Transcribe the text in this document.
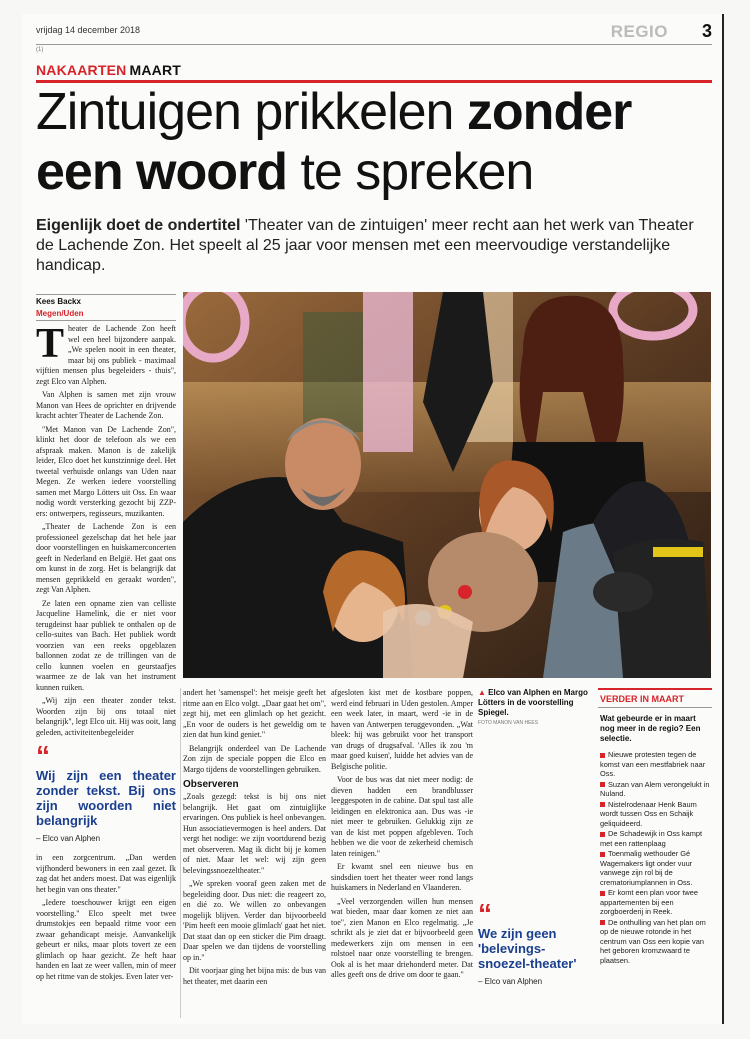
vrijdag 14 december 2018	REGIO 3
(1)
NAKAARTEN MAART
Zintuigen prikkelen zonder
een woord te spreken
Eigenlijk doet de ondertitel 'Theater van de zintuigen' meer recht aan het werk van Theater de Lachende Zon. Het speelt al 25 jaar voor mensen met een meervoudige verstandelijke handicap.
Kees Backx
Megen/Uden

Theater de Lachende Zon heeft wel een heel bijzondere aanpak. „We spelen nooit in een theater, maar bij ons publiek - maximaal vijftien mensen plus begeleiders - thuis", zegt Elco van Alphen.

Van Alphen is samen met zijn vrouw Manon van Hees de oprichter en drijvende kracht achter Theater de Lachende Zon.

"Met Manon van De Lachende Zon", klinkt het door de telefoon als we een afspraak maken. Manon is de zakelijk leider, Elco doet het kunstzinnige deel. Het tweetal verhuisde onlangs van Uden naar Megen. Ze werken iedere voorstelling samen met Margo Lötters uit Oss. En waar nodig wordt versterking gezocht bij ZZP-ers: ontwerpers, regisseurs, muzikanten.

„Theater de Lachende Zon is een professioneel gezelschap dat het hele jaar door voorstellingen en huiskamerconcerten geeft in Nederland en België. Het gaat ons om kunst in de zorg. Het is belangrijk dat mensen geprikkeld en geraakt worden", zegt Van Alphen.

Ze laten een opname zien van celliste Jacqueline Hamelink, die er niet voor terugdeinst haar publiek te onthalen op de cello-suites van Bach. Het publiek wordt voorzien van een reeks opgeblazen ballonnen zodat ze de trillingen van de cello kunnen voelen en geurstaafjes waarmee ze de lak van het instrument kunnen ruiken.

„Wij zijn een theater zonder tekst. Woorden zijn bij ons totaal niet belangrijk", legt Elco uit. Hij was ooit, lang geleden, activiteitenbegeleider

“
Wij zijn een theater zonder tekst. Bij ons zijn woorden niet belangrijk
– Elco van Alphen

in een zorgcentrum. „Dan werden vijfhonderd bewoners in een zaal gezet. Ik zag dat het anders moest. Dat was eigenlijk het begin van ons theater."

„Iedere toeschouwer krijgt een eigen voorstelling." Elco speelt met twee drumstokjes een bepaald ritme voor een zwaar gehandicapt meisje. Aanvankelijk gebeurt er niks, maar plots tovert ze een glimlach op haar gezicht. Ze heft haar handen en laat ze weer vallen, min of meer op het ritme van de stokjes. Even later ver-

andert het 'samenspel': het meisje geeft het ritme aan en Elco volgt. „Daar gaat het om", zegt hij, met een glimlach op het gezicht. „En voor de ouders is het geweldig om te zien dat hun kind geniet."

Belangrijk onderdeel van De Lachende Zon zijn de speciale poppen die Elco en Margo tijdens de voorstellingen gebruiken.

Observeren

„Zoals gezegd: tekst is bij ons niet belangrijk. Het gaat om zintuiglijke ervaringen. Ons publiek is heel onbevangen. Hun associatievermogen is heel anders. Dat vergt het nodige: we zijn voortdurend bezig met observeren. Mag ik dicht bij je komen of niet. Maar let wel: wij zijn geen belevingssnoezeltheater."

„We spreken vooraf geen zaken met de begeleiding door. Dus niet: die reageert zo, en dié zo. We willen zo onbevangen mogelijk blijven. Verder dan bijvoorbeeld 'Pim heeft een mooie glimlach' gaat het niet. Dat staat dan op een sticker die Pim draagt. Daar spelen we dan tijdens de voorstelling op in."

Dit voorjaar ging het bijna mis: de bus van het theater, met daarin een

afgesloten kist met de kostbare poppen, werd eind februari in Uden gestolen. Amper een week later, in maart, werd -ie in de haven van Antwerpen teruggevonden. „Wat bleek: hij was gebruikt voor het transport van drugs of drugsafval. 'Alles ik zou 'm maar goed kuisen', luidde het advies van de Belgische politie.

Voor de bus was dat niet meer nodig: de dieven hadden een brandblusser leeggespoten in de cabine. Dat spul tast alle leidingen en elektronica aan. Dus was -ie niet meer te gebruiken. Gelukkig zijn ze van de kist met poppen afgebleven. Toch hebben we die voor de zekerheid chemisch laten reinigen."

Er kwamt snel een nieuwe bus en sindsdien toert het theater weer rond langs huiskamers in Nederland en Vlaanderen.

„Veel verzorgenden willen hun mensen wat bieden, maar daar komen ze niet aan toe", zien Manon en Elco regelmatig. „Je schrikt als je ziet dat er bijvoorbeeld geen medewerkers zijn om mensen in een rolstoel naar onze voorstelling te brengen. Ook al is het maar driehonderd meter. Dat alles geeft ons de drive om door te gaan."

▲ Elco van Alphen en Margo Lötters in de voorstelling Spiegel.
FOTO MANON VAN HEES
“
We zijn geen 'belevings-snoezel-theater'
– Elco van Alphen
VERDER IN MAART
Wat gebeurde er in maart nog meer in de regio? Een selectie.
Nieuwe protesten tegen de komst van een mestfabriek naar Oss.
Suzan van Alem verongelukt in Nuland.
Nistelrodenaar Henk Baum wordt tussen Oss en Schaijk geliquideerd.
De Schadewijk in Oss kampt met een rattenplaag
Toenmalig wethouder Gé Wagemakers ligt onder vuur vanwege zijn rol bij de crematoriumplannen in Oss.
Er komt een plan voor twee appartementen bij een zorgboerderij in Reek.
De onthulling van het plan om op de nieuwe rotonde in het centrum van Oss een kopie van het geboren kromzwaard te plaatsen.
